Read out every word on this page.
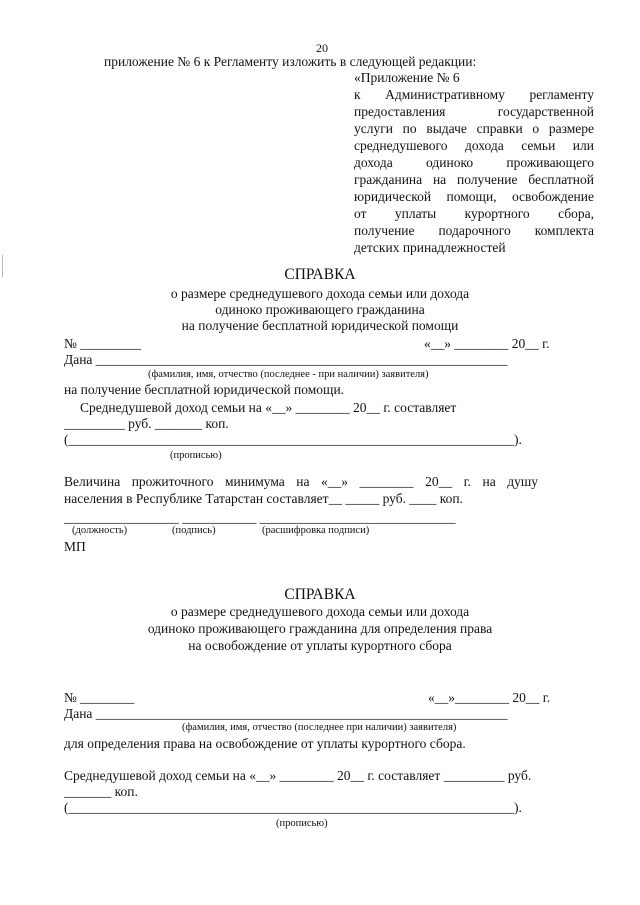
20
приложение № 6 к Регламенту изложить в следующей редакции:
«Приложение № 6
к Административному регламенту
предоставления государственной
услуги по выдаче справки о размере
среднедушевого дохода семьи или
дохода одиноко проживающего
гражданина на получение бесплатной
юридической помощи, освобождение
от уплаты курортного сбора,
получение подарочного комплекта
детских принадлежностей
СПРАВКА
о размере среднедушевого дохода семьи или дохода
одиноко проживающего гражданина
на получение бесплатной юридической помощи
№ _________	«__» ________ 20__ г.
Дана _____________________________________________________________
(фамилия, имя, отчество (последнее - при наличии) заявителя)
на получение бесплатной юридической помощи.
Среднедушевой доход семьи на «__» ________ 20__ г. составляет
_________ руб. _______ коп.
(__________________________________________________________________).
(прописью)
Величина прожиточного минимума на «__» ________ 20__ г. на душу
населения в Республике Татарстан составляет__ _____ руб. ____ коп.
_________________ ___________ _____________________________
(должность)	(подпись)	(расшифровка подписи)
МП
СПРАВКА
о размере среднедушевого дохода семьи или дохода
одиноко проживающего гражданина для определения права
на освобождение от уплаты курортного сбора
№ ________	«__»________ 20__ г.
Дана _____________________________________________________________
(фамилия, имя, отчество (последнее при наличии) заявителя)
для определения права на освобождение от уплаты курортного сбора.
Среднедушевой доход семьи на «__» ________ 20__ г. составляет _________ руб.
_______ коп.
(__________________________________________________________________).
(прописью)
